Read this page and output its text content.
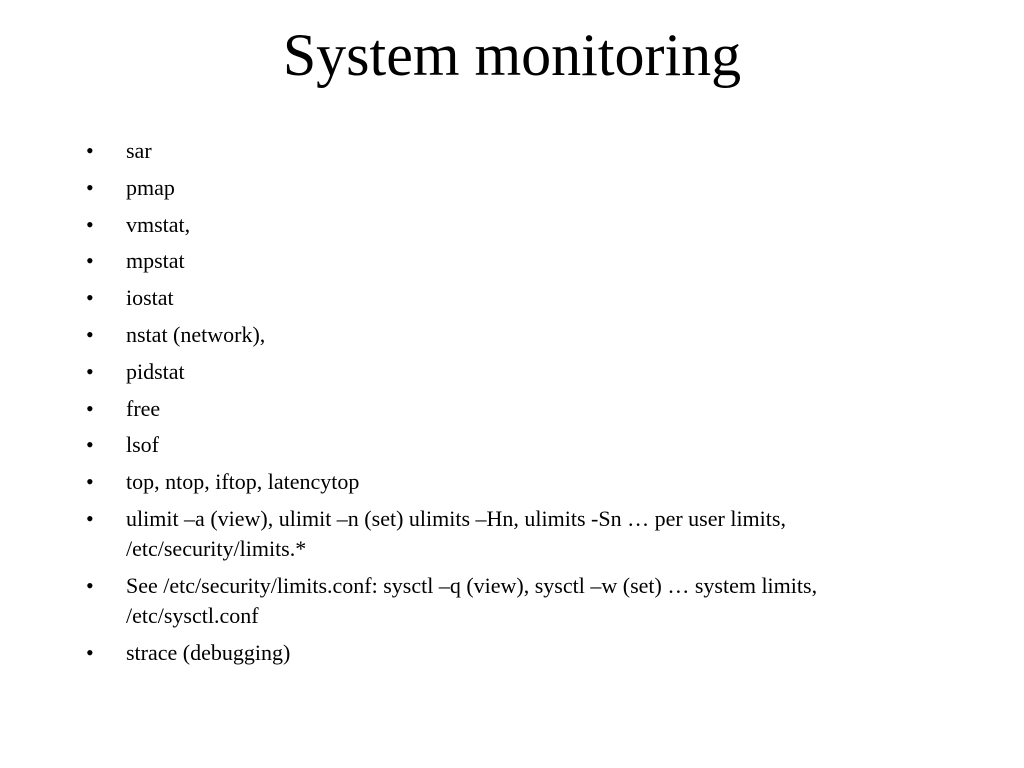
System monitoring
•	sar
•	pmap
•	vmstat,
•	mpstat
•	iostat
•	nstat (network),
•	pidstat
•	free
•	lsof
•	top, ntop, iftop, latencytop
•	ulimit –a (view), ulimit –n (set) ulimits –Hn, ulimits -Sn … per user limits, /etc/security/limits.*
•	See /etc/security/limits.conf: sysctl –q (view), sysctl –w (set) … system limits, /etc/sysctl.conf
•	strace (debugging)
